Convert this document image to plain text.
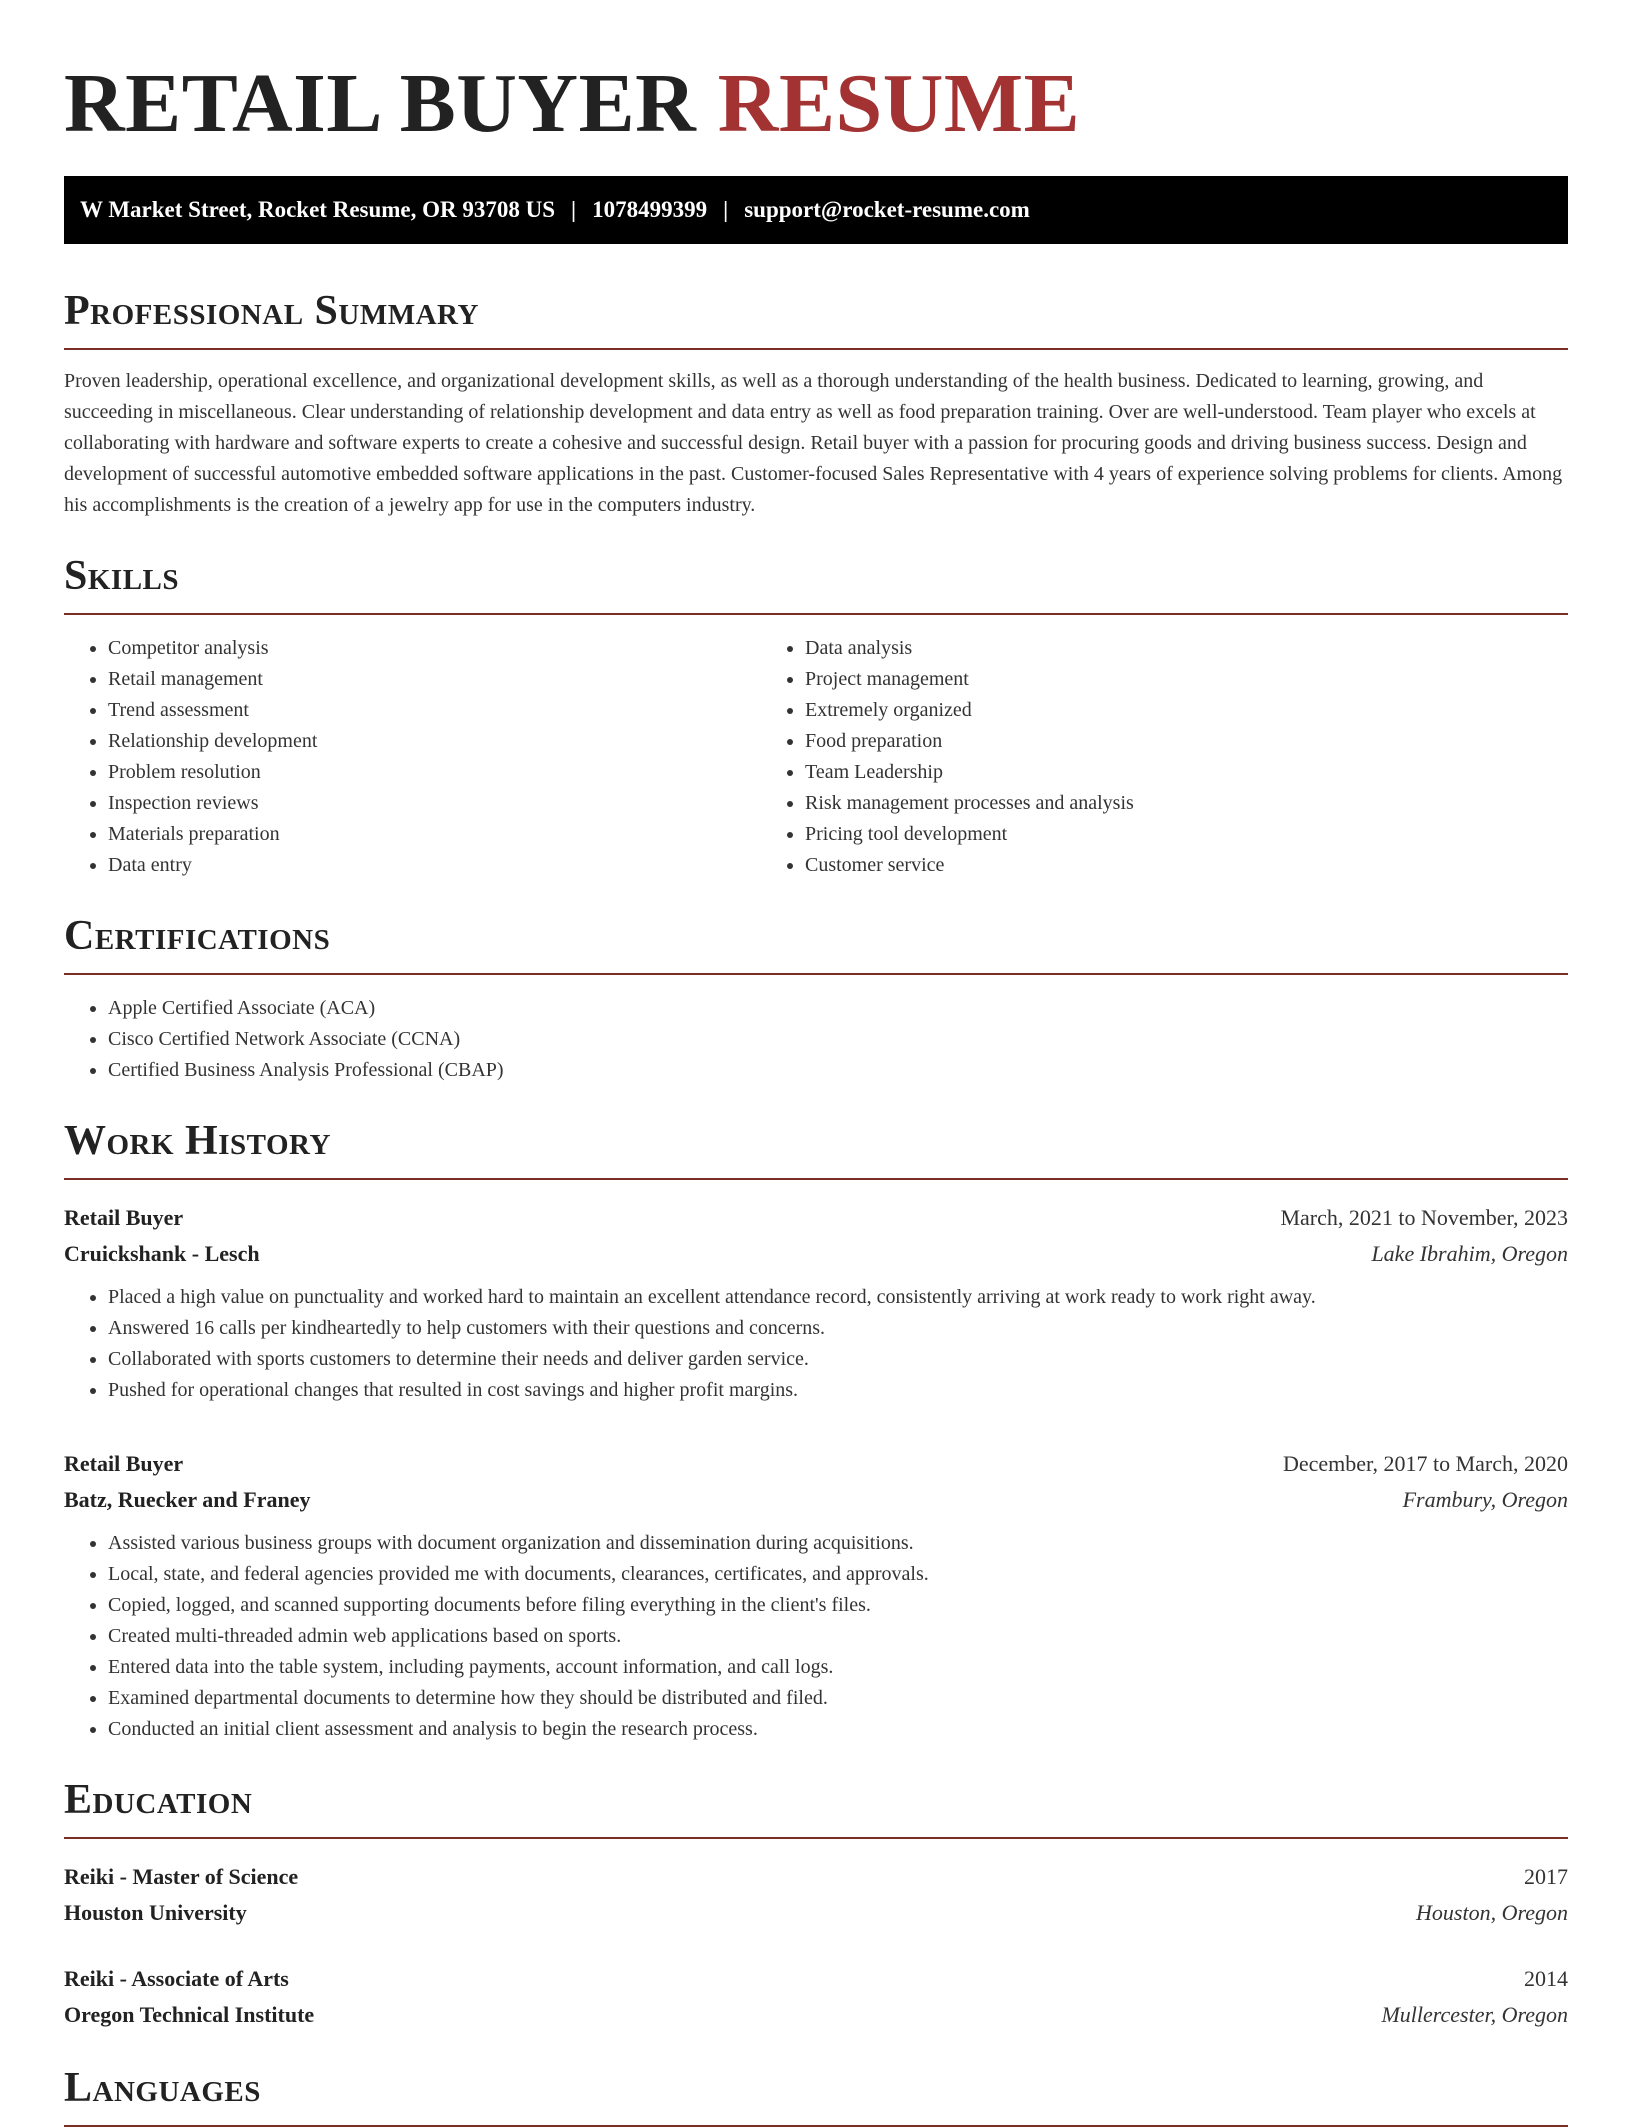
RETAIL BUYER RESUME
W Market Street, Rocket Resume, OR 93708 US | 1078499399 | support@rocket-resume.com
Professional Summary

Proven leadership, operational excellence, and organizational development skills, as well as a thorough understanding of the health business. Dedicated to learning, growing, and succeeding in miscellaneous. Clear understanding of relationship development and data entry as well as food preparation training. Over are well-understood. Team player who excels at collaborating with hardware and software experts to create a cohesive and successful design. Retail buyer with a passion for procuring goods and driving business success. Design and development of successful automotive embedded software applications in the past. Customer-focused Sales Representative with 4 years of experience solving problems for clients. Among his accomplishments is the creation of a jewelry app for use in the computers industry.

Skills
• Competitor analysis
• Retail management
• Trend assessment
• Relationship development
• Problem resolution
• Inspection reviews
• Materials preparation
• Data entry
• Data analysis
• Project management
• Extremely organized
• Food preparation
• Team Leadership
• Risk management processes and analysis
• Pricing tool development
• Customer service
Certifications
• Apple Certified Associate (ACA)
• Cisco Certified Network Associate (CCNA)
• Certified Business Analysis Professional (CBAP)
Work History
Retail Buyer	March, 2021 to November, 2023
Cruickshank - Lesch	Lake Ibrahim, Oregon
• Placed a high value on punctuality and worked hard to maintain an excellent attendance record, consistently arriving at work ready to work right away.
• Answered 16 calls per kindheartedly to help customers with their questions and concerns.
• Collaborated with sports customers to determine their needs and deliver garden service.
• Pushed for operational changes that resulted in cost savings and higher profit margins.
Retail Buyer	December, 2017 to March, 2020
Batz, Ruecker and Franey	Frambury, Oregon
• Assisted various business groups with document organization and dissemination during acquisitions.
• Local, state, and federal agencies provided me with documents, clearances, certificates, and approvals.
• Copied, logged, and scanned supporting documents before filing everything in the client's files.
• Created multi-threaded admin web applications based on sports.
• Entered data into the table system, including payments, account information, and call logs.
• Examined departmental documents to determine how they should be distributed and filed.
• Conducted an initial client assessment and analysis to begin the research process.
Education
Reiki - Master of Science	2017
Houston University	Houston, Oregon
Reiki - Associate of Arts	2014
Oregon Technical Institute	Mullercester, Oregon
Languages
